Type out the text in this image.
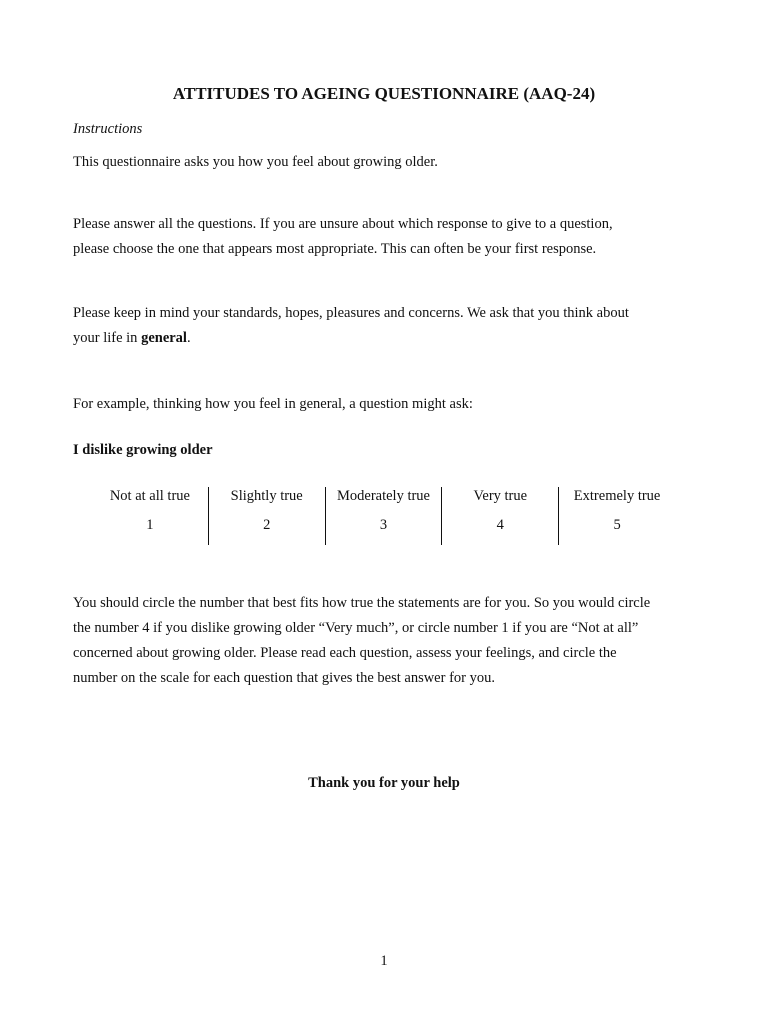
ATTITUDES TO AGEING QUESTIONNAIRE (AAQ-24)
Instructions
This questionnaire asks you how you feel about growing older.
Please answer all the questions. If you are unsure about which response to give to a question,
please choose the one that appears most appropriate. This can often be your first response.
Please keep in mind your standards, hopes, pleasures and concerns. We ask that you think about
your life in general.
For example, thinking how you feel in general, a question might ask:
I dislike growing older
Not at all true
1
Slightly true
2
Moderately true
3
Very true
4
Extremely true
5
You should circle the number that best fits how true the statements are for you. So you would circle
the number 4 if you dislike growing older “Very much”, or circle number 1 if you are “Not at all”
concerned about growing older. Please read each question, assess your feelings, and circle the
number on the scale for each question that gives the best answer for you.
Thank you for your help
1
